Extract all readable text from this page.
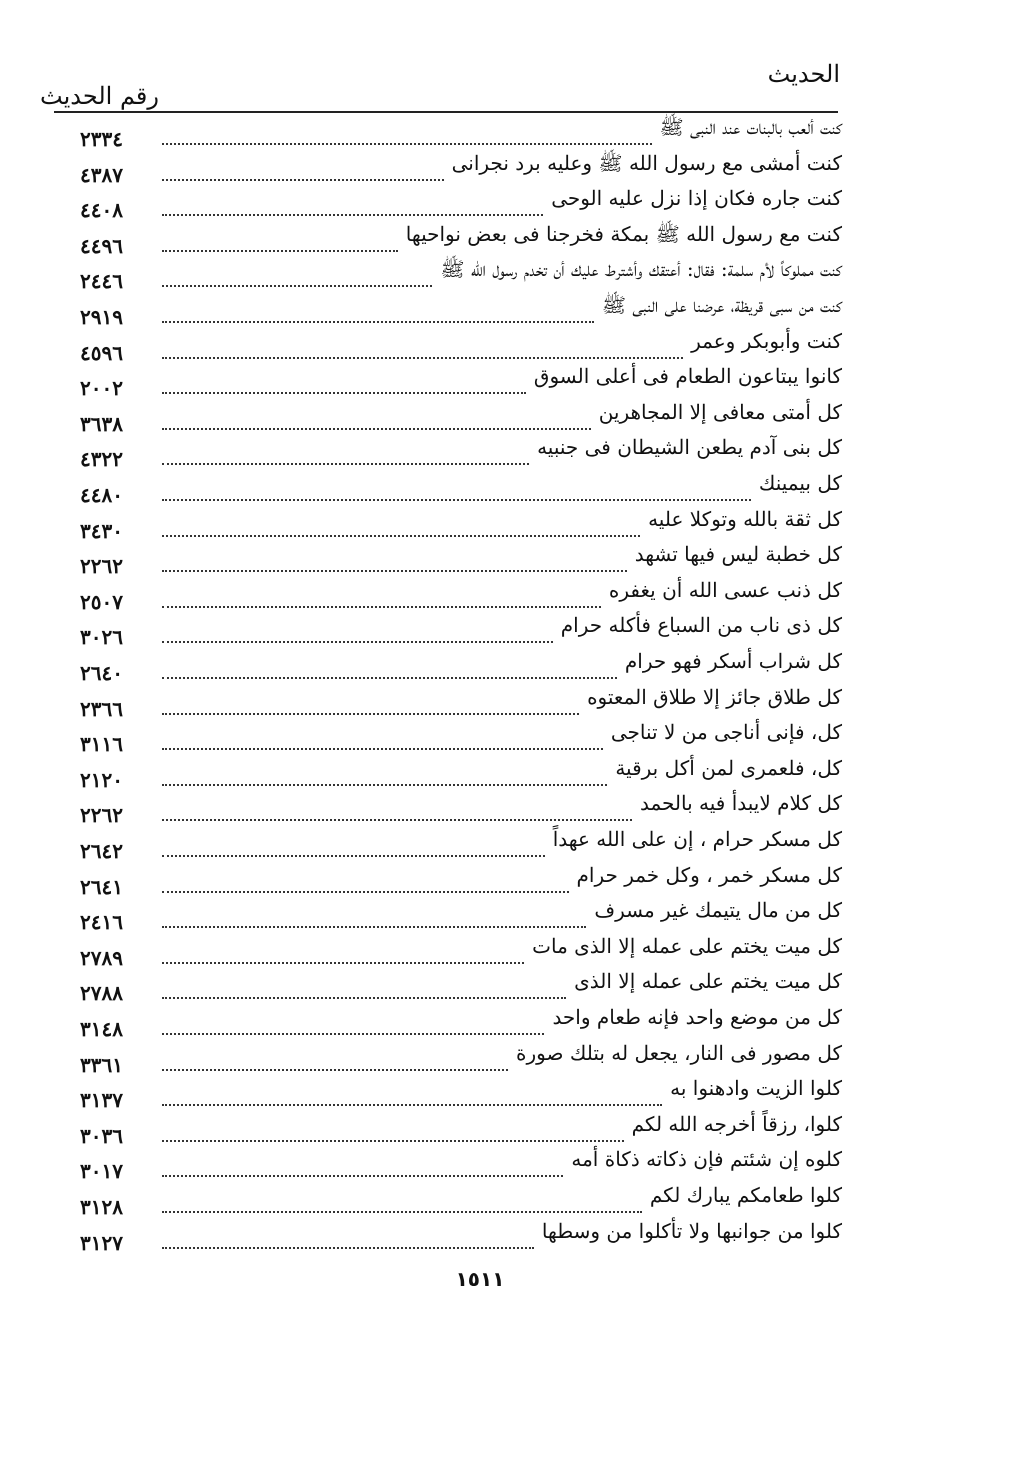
الحديث
رقم الحديث
٢٣٣٤	كنت ألعب بالبنات عند النبى ﷺ
٤٣٨٧	كنت أمشى مع رسول الله ﷺ وعليه برد نجرانى
٤٤٠٨	كنت جاره فكان إذا نزل عليه الوحى
٤٤٩٦	كنت مع رسول الله ﷺ بمكة فخرجنا فى بعض نواحيها
٢٤٤٦	كنت مملوكاً لأم سلمة: فقال: أعتقك وأشترط عليك أن تخدم رسول الله ﷺ
٢٩١٩	كنت من سبى قريظة، عرضنا على النبى ﷺ
٤٥٩٦	كنت وأبوبكر وعمر
٢٠٠٢	كانوا يبتاعون الطعام فى أعلى السوق
٣٦٣٨	كل أمتى معافى إلا المجاهرين
٤٣٢٢	كل بنى آدم يطعن الشيطان فى جنبيه
٤٤٨٠	كل بيمينك
٣٤٣٠	كل ثقة بالله وتوكلا عليه
٢٢٦٢	كل خطبة ليس فيها تشهد
٢٥٠٧	كل ذنب عسى الله أن يغفره
٣٠٢٦	كل ذى ناب من السباع فأكله حرام
٢٦٤٠	كل شراب أسكر فهو حرام
٢٣٦٦	كل طلاق جائز إلا طلاق المعتوه
٣١١٦	كل، فإنى أناجى من لا تناجى
٢١٢٠	كل، فلعمرى لمن أكل برقية
٢٢٦٢	كل كلام لايبدأ فيه بالحمد
٢٦٤٢	كل مسكر حرام ، إن على الله عهداً
٢٦٤١	كل مسكر خمر ، وكل خمر حرام
٢٤١٦	كل من مال يتيمك غير مسرف
٢٧٨٩	كل ميت يختم على عمله إلا الذى مات
٢٧٨٨	كل ميت يختم على عمله إلا الذى
٣١٤٨	كل من موضع واحد فإنه طعام واحد
٣٣٦١	كل مصور فى النار، يجعل له بتلك صورة
٣١٣٧	كلوا الزيت وادهنوا به
٣٠٣٦	كلوا، رزقاً أخرجه الله لكم
٣٠١٧	كلوه إن شئتم فإن ذكاته ذكاة أمه
٣١٢٨	كلوا طعامكم يبارك لكم
٣١٢٧	كلوا من جوانبها ولا تأكلوا من وسطها
١٥١١
